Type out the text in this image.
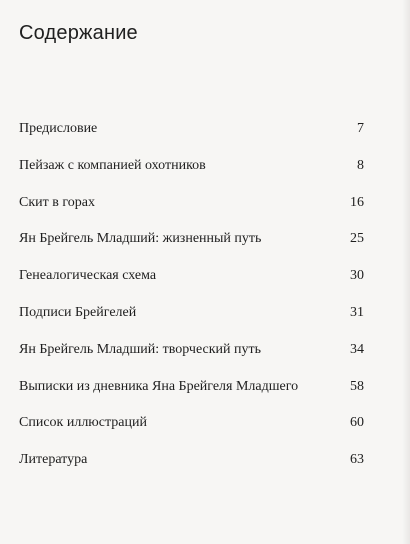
Содержание
Предисловие	7
Пейзаж с компанией охотников	8
Скит в горах	16
Ян Брейгель Младший: жизненный путь	25
Генеалогическая схема	30
Подписи Брейгелей	31
Ян Брейгель Младший: творческий путь	34
Выписки из дневника Яна Брейгеля Младшего	58
Список иллюстраций	60
Литература	63
